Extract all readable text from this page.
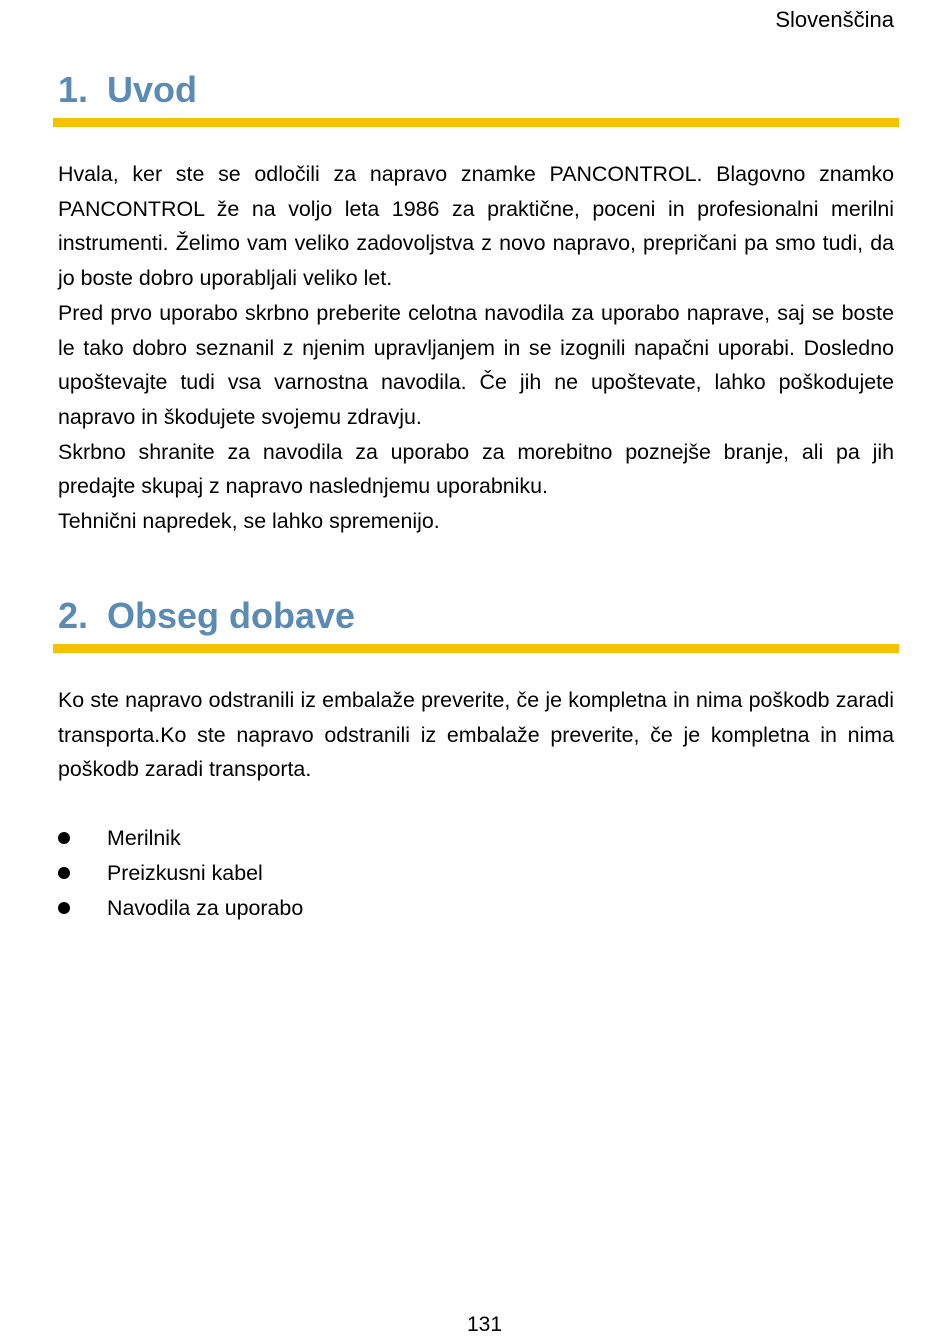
Slovenščina
1. Uvod

Hvala, ker ste se odločili za napravo znamke PANCONTROL. Blagovno znamko PANCONTROL že na voljo leta 1986 za praktične, poceni in profesionalni merilni instrumenti. Želimo vam veliko zadovoljstva z novo napravo, prepričani pa smo tudi, da jo boste dobro uporabljali veliko let.

Pred prvo uporabo skrbno preberite celotna navodila za uporabo naprave, saj se boste le tako dobro seznanil z njenim upravljanjem in se izognili napačni uporabi. Dosledno upoštevajte tudi vsa varnostna navodila. Če jih ne upoštevate, lahko poškodujete napravo in škodujete svojemu zdravju.

Skrbno shranite za navodila za uporabo za morebitno poznejše branje, ali pa jih predajte skupaj z napravo naslednjemu uporabniku.

Tehnični napredek, se lahko spremenijo.

2. Obseg dobave

Ko ste napravo odstranili iz embalaže preverite, če je kompletna in nima poškodb zaradi transporta.Ko ste napravo odstranili iz embalaže preverite, če je kompletna in nima poškodb zaradi transporta.

Merilnik
Preizkusni kabel
Navodila za uporabo
131
